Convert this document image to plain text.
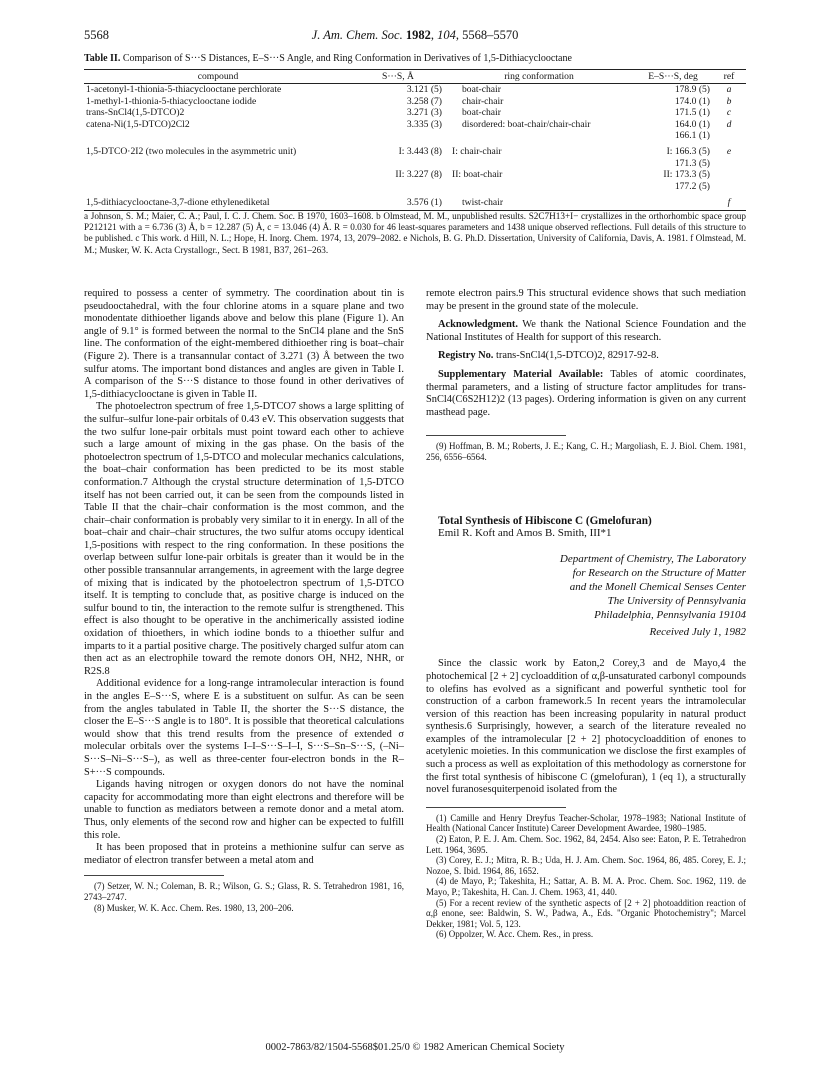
5568	J. Am. Chem. Soc. 1982, 104, 5568–5570
Table II. Comparison of S···S Distances, E–S···S Angle, and Ring Conformation in Derivatives of 1,5-Dithiacyclooctane
compound	S···S, Å	ring conformation	E–S···S, deg	ref
1-acetonyl-1-thionia-5-thiacyclooctane perchlorate	3.121 (5)	boat-chair	178.9 (5)	a
1-methyl-1-thionia-5-thiacyclooctane iodide	3.258 (7)	chair-chair	174.0 (1)	b
trans-SnCl4(1,5-DTCO)2	3.271 (3)	boat-chair	171.5 (1)	c
catena-Ni(1,5-DTCO)2Cl2	3.335 (3)	disordered: boat-chair/chair-chair	164.0 (1)	d
			166.1 (1)	
1,5-DTCO·2I2 (two molecules in the asymmetric unit)	I: 3.443 (8)	I: chair-chair	I: 166.3 (5)	e
			171.3 (5)	
	II: 3.227 (8)	II: boat-chair	II: 173.3 (5)	
			177.2 (5)	
1,5-dithiacyclooctane-3,7-dione ethylenediketal	3.576 (1)	twist-chair		f
a Johnson, S. M.; Maier, C. A.; Paul, I. C. J. Chem. Soc. B 1970, 1603–1608. b Olmstead, M. M., unpublished results. S2C7H13+I− crystallizes in the orthorhombic space group P212121 with a = 6.736 (3) Å, b = 12.287 (5) Å, c = 13.046 (4) Å. R = 0.030 for 46 least-squares parameters and 1438 unique observed reflections. Full details of this structure to be published. c This work. d Hill, N. L.; Hope, H. Inorg. Chem. 1974, 13, 2079–2082. e Nichols, B. G. Ph.D. Dissertation, University of California, Davis, A. 1981. f Olmstead, M. M.; Musker, W. K. Acta Crystallogr., Sect. B 1981, B37, 261–263.

required to possess a center of symmetry. The coordination about tin is pseudooctahedral, with the four chlorine atoms in a square plane and two monodentate dithioether ligands above and below this plane (Figure 1). An angle of 9.1° is formed between the normal to the SnCl4 plane and the SnS line. The conformation of the eight-membered dithioether ring is boat–chair (Figure 2). There is a transannular contact of 3.271 (3) Å between the two sulfur atoms. The important bond distances and angles are given in Table I. A comparison of the S···S distance to those found in other derivatives of 1,5-dithiacyclooctane is given in Table II.

The photoelectron spectrum of free 1,5-DTCO7 shows a large splitting of the sulfur–sulfur lone-pair orbitals of 0.43 eV. This observation suggests that the two sulfur lone-pair orbitals must point toward each other to achieve such a large amount of mixing in the gas phase. On the basis of the photoelectron spectrum of 1,5-DTCO and molecular mechanics calculations, the boat–chair conformation has been predicted to be its most stable conformation.7 Although the crystal structure determination of 1,5-DTCO itself has not been carried out, it can be seen from the compounds listed in Table II that the chair–chair conformation is the most common, and the chair–chair conformation is probably very similar to it in energy. In all of the boat–chair and chair–chair structures, the two sulfur atoms occupy identical 1,5-positions with respect to the ring conformation. In these positions the overlap between sulfur lone-pair orbitals is greater than it would be in the other possible transannular arrangements, in agreement with the large degree of mixing that is indicated by the photoelectron spectrum of 1,5-DTCO itself. It is tempting to conclude that, as positive charge is induced on the sulfur bound to tin, the interaction to the remote sulfur is strengthened. This effect is also thought to be operative in the anchimerically assisted iodine oxidation of thioethers, in which iodine bonds to a thioether sulfur and imparts to it a partial positive charge. The positively charged sulfur atom can then act as an electrophile toward the remote donors OH, NH2, NHR, or R2S.8

Additional evidence for a long-range intramolecular interaction is found in the angles E–S···S, where E is a substituent on sulfur. As can be seen from the angles tabulated in Table II, the shorter the S···S distance, the closer the E–S···S angle is to 180°. It is possible that theoretical calculations would show that this trend results from the presence of extended σ molecular orbitals over the systems I–I–S···S–I–I, S···S–Sn–S···S, (–Ni–S···S–Ni–S···S–), as well as three-center four-electron bonds in the R–S+···S compounds.

Ligands having nitrogen or oxygen donors do not have the nominal capacity for accommodating more than eight electrons and therefore will be unable to function as mediators between a remote donor and a metal atom. Thus, only elements of the second row and higher can be expected to fulfill this role.

It has been proposed that in proteins a methionine sulfur can serve as mediator of electron transfer between a metal atom and

(7) Setzer, W. N.; Coleman, B. R.; Wilson, G. S.; Glass, R. S. Tetrahedron 1981, 16, 2743–2747.

(8) Musker, W. K. Acc. Chem. Res. 1980, 13, 200–206.

remote electron pairs.9 This structural evidence shows that such mediation may be present in the ground state of the molecule.

Acknowledgment. We thank the National Science Foundation and the National Institutes of Health for support of this research.

Registry No. trans-SnCl4(1,5-DTCO)2, 82917-92-8.

Supplementary Material Available: Tables of atomic coordinates, thermal parameters, and a listing of structure factor amplitudes for trans-SnCl4(C6S2H12)2 (13 pages). Ordering information is given on any current masthead page.

(9) Hoffman, B. M.; Roberts, J. E.; Kang, C. H.; Margoliash, E. J. Biol. Chem. 1981, 256, 6556–6564.

Total Synthesis of Hibiscone C (Gmelofuran)

Emil R. Koft and Amos B. Smith, III*1

Department of Chemistry, The Laboratory
for Research on the Structure of Matter
and the Monell Chemical Senses Center
The University of Pennsylvania
Philadelphia, Pennsylvania 19104
Received July 1, 1982

Since the classic work by Eaton,2 Corey,3 and de Mayo,4 the photochemical [2 + 2] cycloaddition of α,β-unsaturated carbonyl compounds to olefins has evolved as a significant and powerful synthetic tool for construction of a carbon framework.5 In recent years the intramolecular version of this reaction has been increasing popularity in natural product synthesis.6 Surprisingly, however, a search of the literature revealed no examples of the intramolecular [2 + 2] photocycloaddition of enones to acetylenic moieties. In this communication we disclose the first examples of such a process as well as exploitation of this methodology as cornerstone for the first total synthesis of hibiscone C (gmelofuran), 1 (eq 1), a structurally novel furanosesquiterpenoid isolated from the

(1) Camille and Henry Dreyfus Teacher-Scholar, 1978–1983; National Institute of Health (National Cancer Institute) Career Development Awardee, 1980–1985.

(2) Eaton, P. E. J. Am. Chem. Soc. 1962, 84, 2454. Also see: Eaton, P. E. Tetrahedron Lett. 1964, 3695.

(3) Corey, E. J.; Mitra, R. B.; Uda, H. J. Am. Chem. Soc. 1964, 86, 485. Corey, E. J.; Nozoe, S. Ibid. 1964, 86, 1652.

(4) de Mayo, P.; Takeshita, H.; Sattar, A. B. M. A. Proc. Chem. Soc. 1962, 119. de Mayo, P.; Takeshita, H. Can. J. Chem. 1963, 41, 440.

(5) For a recent review of the synthetic aspects of [2 + 2] photoaddition reaction of α,β enone, see: Baldwin, S. W., Padwa, A., Eds. "Organic Photochemistry"; Marcel Dekker, 1981; Vol. 5, 123.

(6) Oppolzer, W. Acc. Chem. Res., in press.

0002-7863/82/1504-5568$01.25/0 © 1982 American Chemical Society
